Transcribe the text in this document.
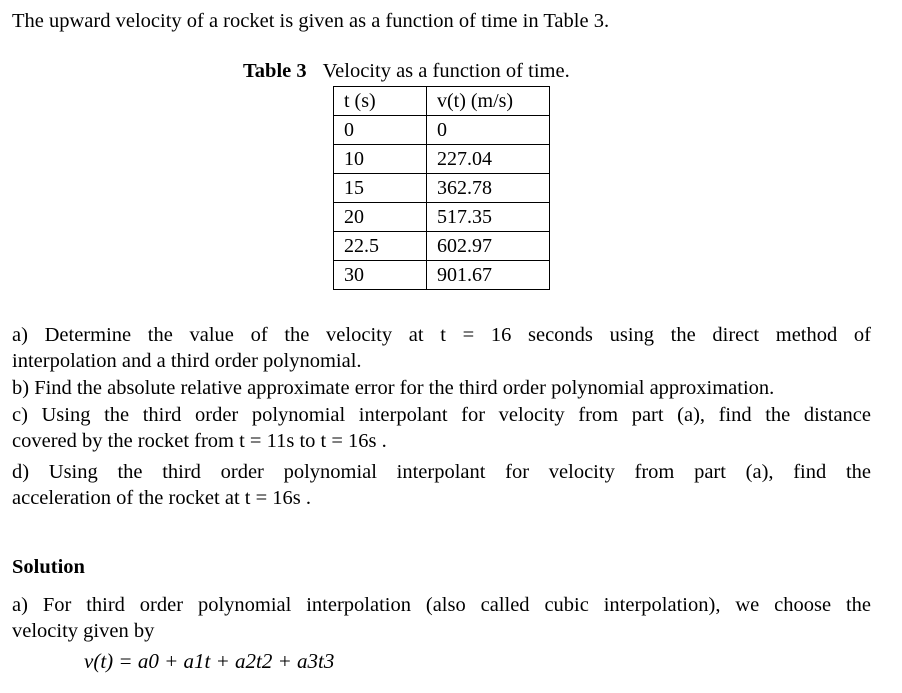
The upward velocity of a rocket is given as a function of time in Table 3.
Table 3 Velocity as a function of time.
t (s)	v(t) (m/s)
0	0
10	227.04
15	362.78
20	517.35
22.5	602.97
30	901.67
a) Determine the value of the velocity at t = 16 seconds using the direct method of
interpolation and a third order polynomial.
b) Find the absolute relative approximate error for the third order polynomial approximation.
c) Using the third order polynomial interpolant for velocity from part (a), find the distance
covered by the rocket from t = 11s to t = 16s .
d) Using the third order polynomial interpolant for velocity from part (a), find the
acceleration of the rocket at t = 16s .
Solution
a) For third order polynomial interpolation (also called cubic interpolation), we choose the
velocity given by
v(t) = a0 + a1t + a2t2 + a3t3
